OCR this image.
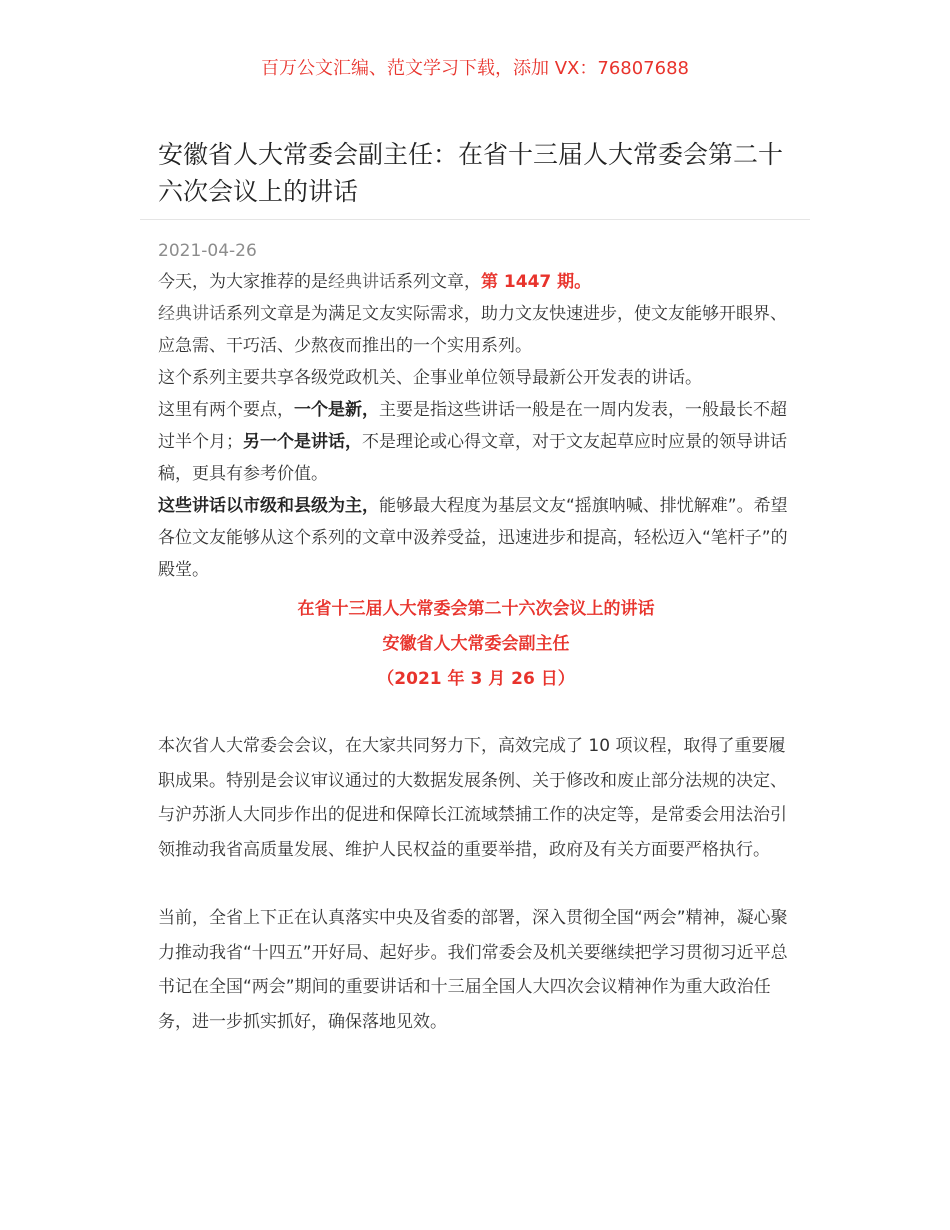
百万公文汇编、范文学习下载，添加 VX：76807688
安徽省人大常委会副主任：在省十三届人大常委会第二十六次会议上的讲话
2021-04-26

今天，为大家推荐的是经典讲话系列文章，第 1447 期。

经典讲话系列文章是为满足文友实际需求，助力文友快速进步，使文友能够开眼界、应急需、干巧活、少熬夜而推出的一个实用系列。

这个系列主要共享各级党政机关、企事业单位领导最新公开发表的讲话。

这里有两个要点，一个是新，主要是指这些讲话一般是在一周内发表，一般最长不超过半个月；另一个是讲话，不是理论或心得文章，对于文友起草应时应景的领导讲话稿，更具有参考价值。

这些讲话以市级和县级为主，能够最大程度为基层文友“摇旗呐喊、排忧解难”。希望各位文友能够从这个系列的文章中汲养受益，迅速进步和提高，轻松迈入“笔杆子”的殿堂。

在省十三届人大常委会第二十六次会议上的讲话
安徽省人大常委会副主任
（2021 年 3 月 26 日）

本次省人大常委会会议，在大家共同努力下，高效完成了 10 项议程，取得了重要履职成果。特别是会议审议通过的大数据发展条例、关于修改和废止部分法规的决定、与沪苏浙人大同步作出的促进和保障长江流域禁捕工作的决定等，是常委会用法治引领推动我省高质量发展、维护人民权益的重要举措，政府及有关方面要严格执行。

当前，全省上下正在认真落实中央及省委的部署，深入贯彻全国“两会”精神，凝心聚力推动我省“十四五”开好局、起好步。我们常委会及机关要继续把学习贯彻习近平总书记在全国“两会”期间的重要讲话和十三届全国人大四次会议精神作为重大政治任务，进一步抓实抓好，确保落地见效。
